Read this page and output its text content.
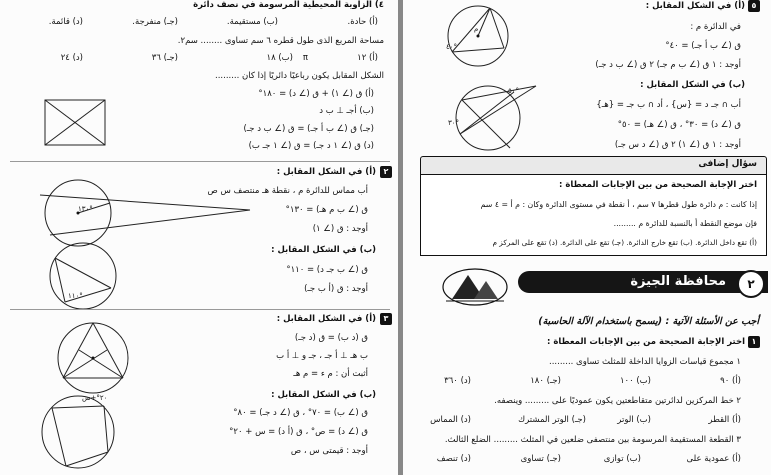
٤) الزاوية المحيطية المرسومة في نصف دائرة
(أ) حادة.
(ب) مستقيمة.
(جـ) منفرجة.
(د) قائمة.
مساحة المربع الذى طول قطره ٦ سم تساوى ........ سم٢.
(أ) ١٢
(ب) ١٨ π
(جـ) ٣٦
(د) ٢٤
الشكل المقابل يكون رباعيًا دائريًا إذا كان .........
(أ) ق (∠ ١) + ق (∠ د) = ١٨٠°
(ب) أجـ ⊥ ب د
(جـ) ق (∠ ب أ جـ) = ق (∠ ب د جـ)
(د) ق (∠ ١ د جـ) = ق (∠ ١ جـ ب)
٢
(أ) في الشكل المقابل :
أب مماس للدائرة م ، نقطة هـ منتصف س ص
ق (∠ ب م هـ) = ١٣٠°
أوجد : ق (∠ ١)
(ب) في الشكل المقابل :
ق (∠ ب جـ د) = ١١٠°
أوجد : ق (أ ب جـ)
١٣٠°
١١٠°
٣
(أ) في الشكل المقابل :
ق (د ب) = ق (د جـ)
ب هـ ⊥ أ جـ ، جـ و ⊥ أ ب
أثبت أن : م ء = م هـ
(ب) في الشكل المقابل :
ق (∠ ب) = ٧٠° ، ق (∠ د جـ) = ٨٠°
ق (∠ د) = ص° ، ق (أ د) = س + ٢٠°
أوجد : قيمتى س ، ص
٢٠°+س
٥
(أ) في الشكل المقابل :
في الدائرة م :
ق (∠ ب أ جـ) = ٤٠°
أوجد : ١ ق (∠ ب م جـ) ٢ ق (∠ ب د جـ)
(ب) في الشكل المقابل :
أب ∩ جـ د = {س} ، أد ∩ ب جـ = {هـ}
ق (∠ د) = ٣٠° ، ق (∠ هـ) = ٥٠°
أوجد : ١ ق (∠ ١) ٢ ق (∠ د س جـ)
م
٤٠°
٣٠°
٥٠°
سؤال إضافى
اختر الإجابة الصحيحة من بين الإجابات المعطاة :
إذا كانت : م دائرة طول قطرها ٧ سم ، أ نقطة في مستوى الدائرة وكان : م أ = ٤ سم
فإن موضع النقطة أ بالنسبة للدائرة م .........
(أ) تقع داخل الدائرة. (ب) تقع خارج الدائرة. (جـ) تقع على الدائرة. (د) تقع على المركز م
محافظة الجيزة	٢
أجب عن الأسئلة الآتية : (يسمح باستخدام الآلة الحاسبة)
١
اختر الإجابة الصحيحة من بين الإجابات المعطاة :
١ مجموع قياسات الزوايا الداخلة للمثلث تساوى .........
(أ) ٩٠
(ب) ١٠٠
(جـ) ١٨٠
(د) ٣٦٠
٢ خط المركزين لدائرتين متقاطعتين يكون عموديًا على ......... وينصفه.
(أ) القطر
(ب) الوتر
(جـ) الوتر المشترك
(د) المماس
٣ القطعة المستقيمة المرسومة بين منتصفى ضلعين في المثلث ......... الضلع الثالث.
(أ) عمودية على
(ب) توازى
(جـ) تساوى
(د) تنصف
